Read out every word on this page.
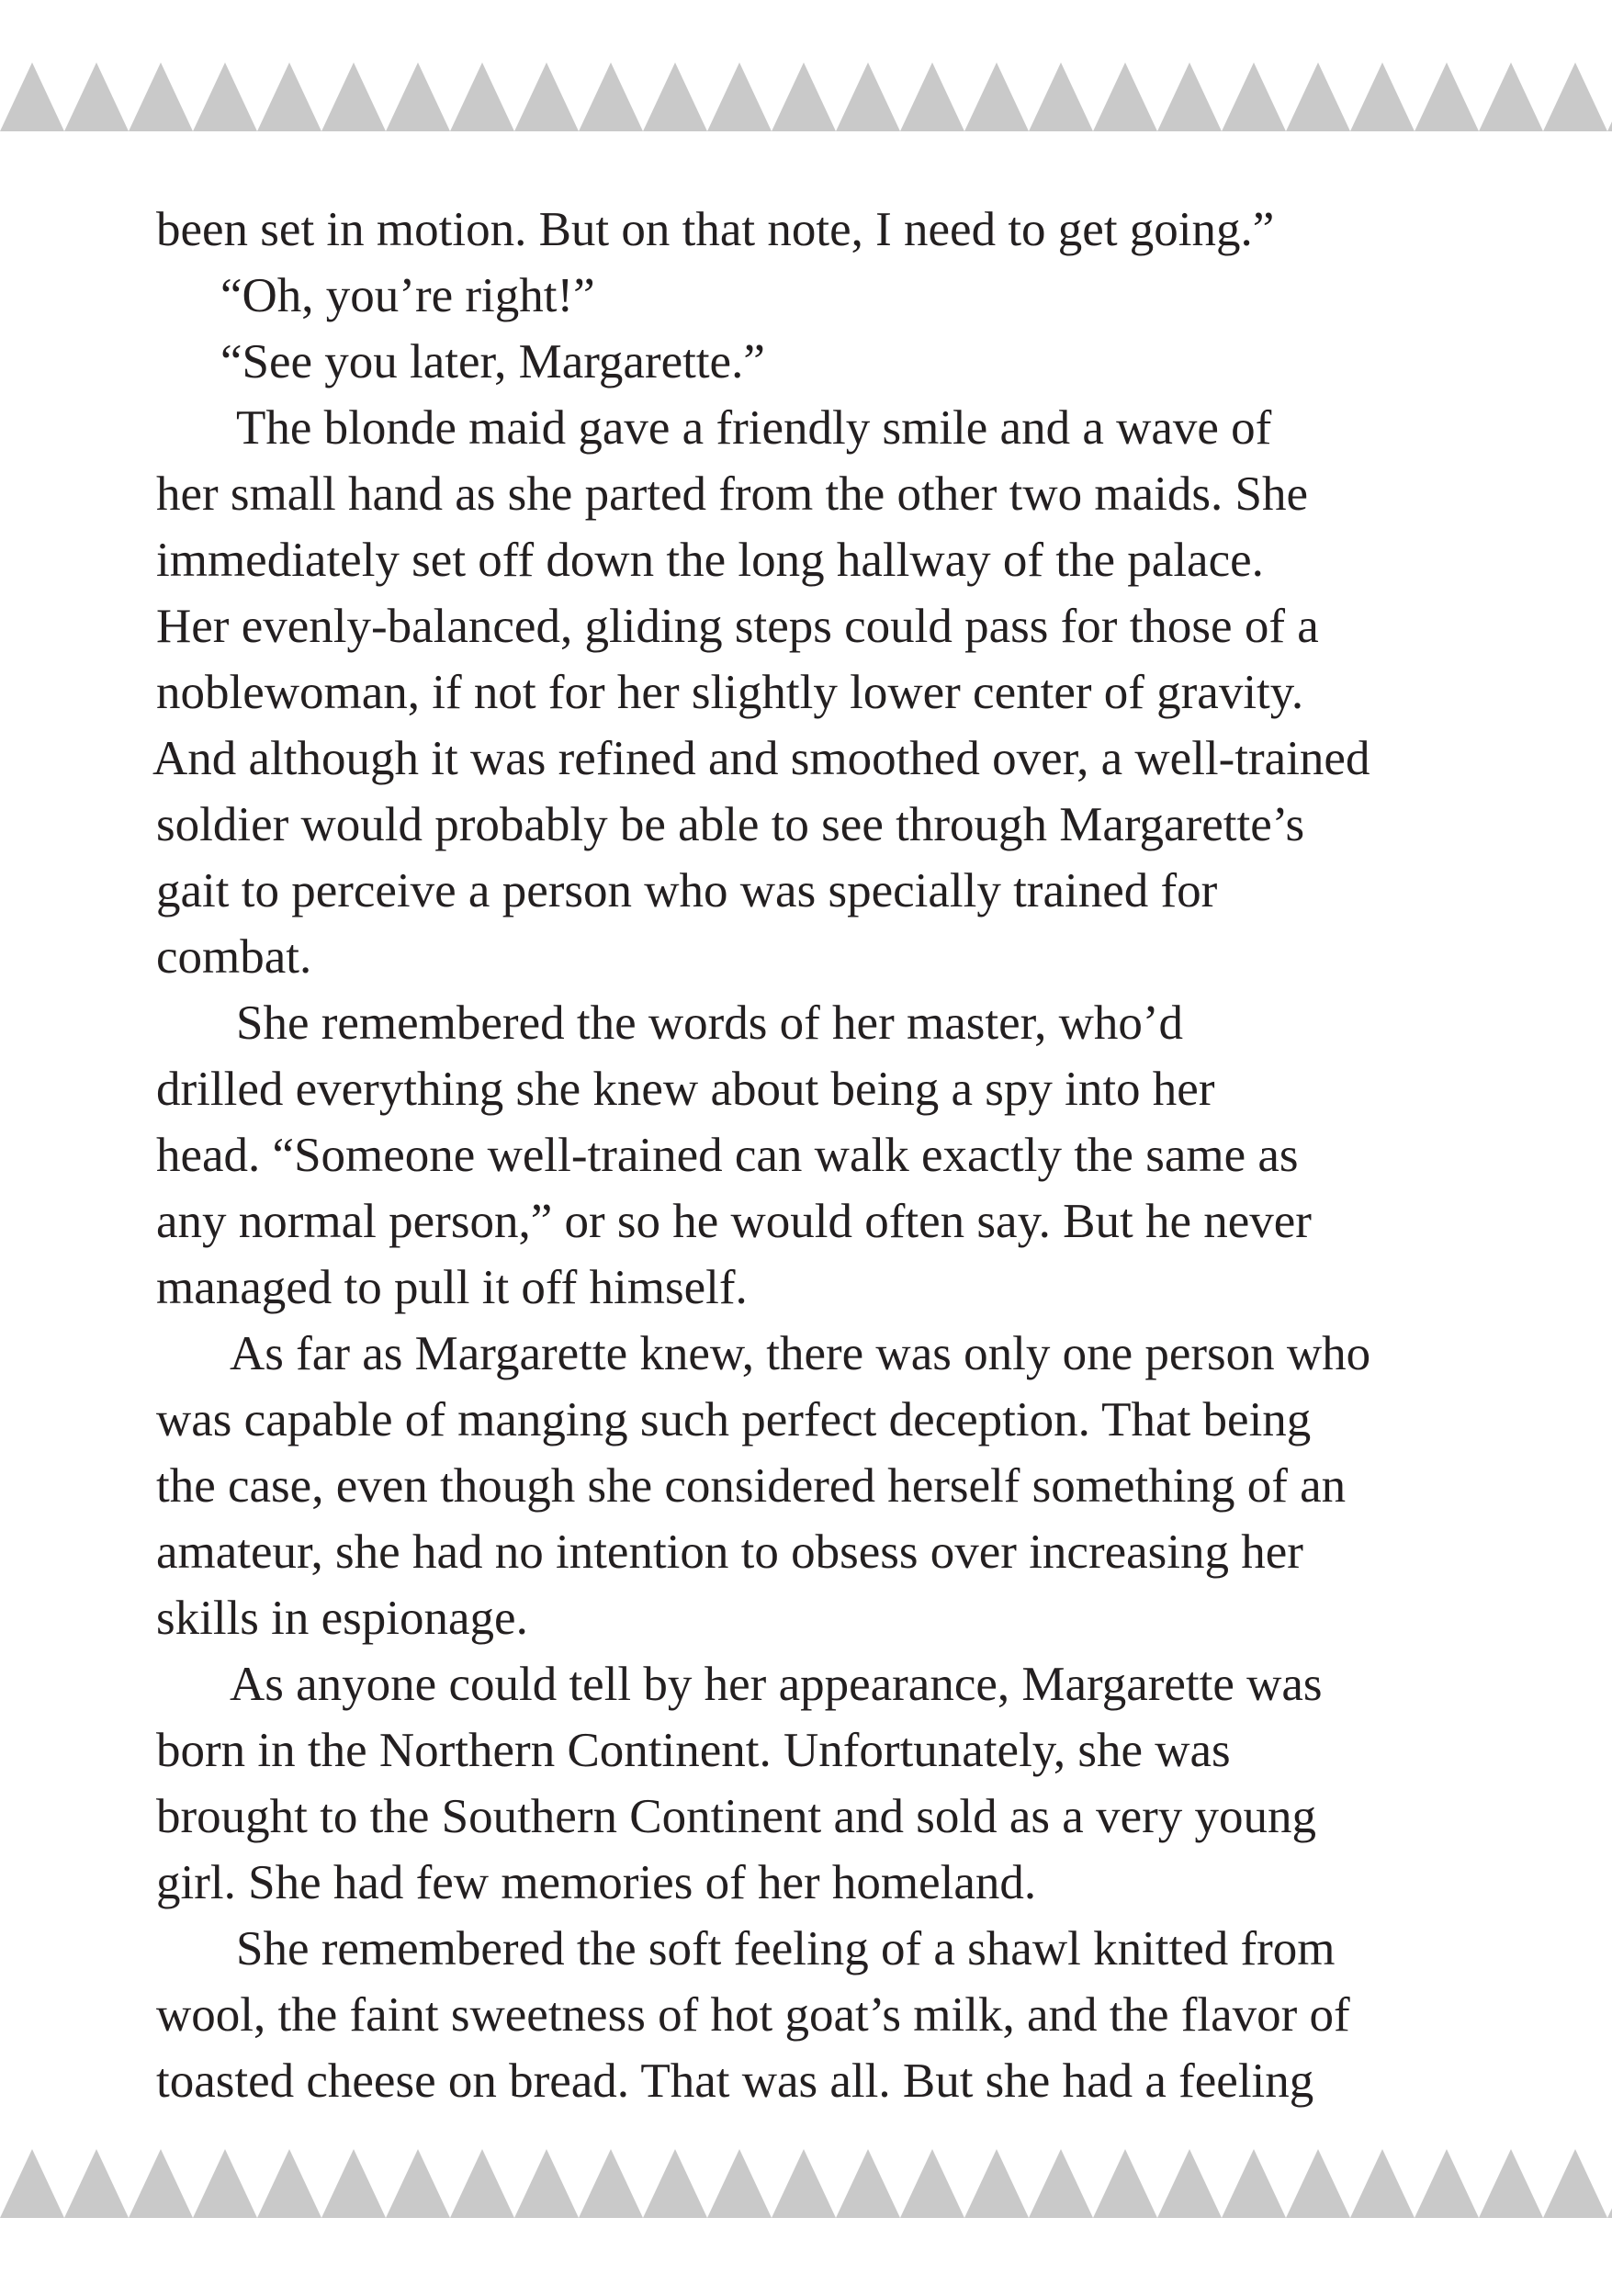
been set in motion. But on that note, I need to get going.”

“Oh, you’re right!”

“See you later, Margarette.”

The blonde maid gave a friendly smile and a wave of

her small hand as she parted from the other two maids. She

immediately set off down the long hallway of the palace.

Her evenly-balanced, gliding steps could pass for those of a

noblewoman, if not for her slightly lower center of gravity.

And although it was refined and smoothed over, a well-trained

soldier would probably be able to see through Margarette’s

gait to perceive a person who was specially trained for

combat.

She remembered the words of her master, who’d

drilled everything she knew about being a spy into her

head. “Someone well-trained can walk exactly the same as

any normal person,” or so he would often say. But he never

managed to pull it off himself.

As far as Margarette knew, there was only one person who

was capable of manging such perfect deception. That being

the case, even though she considered herself something of an

amateur, she had no intention to obsess over increasing her

skills in espionage.

As anyone could tell by her appearance, Margarette was

born in the Northern Continent. Unfortunately, she was

brought to the Southern Continent and sold as a very young

girl. She had few memories of her homeland.

She remembered the soft feeling of a shawl knitted from

wool, the faint sweetness of hot goat’s milk, and the flavor of

toasted cheese on bread. That was all. But she had a feeling
